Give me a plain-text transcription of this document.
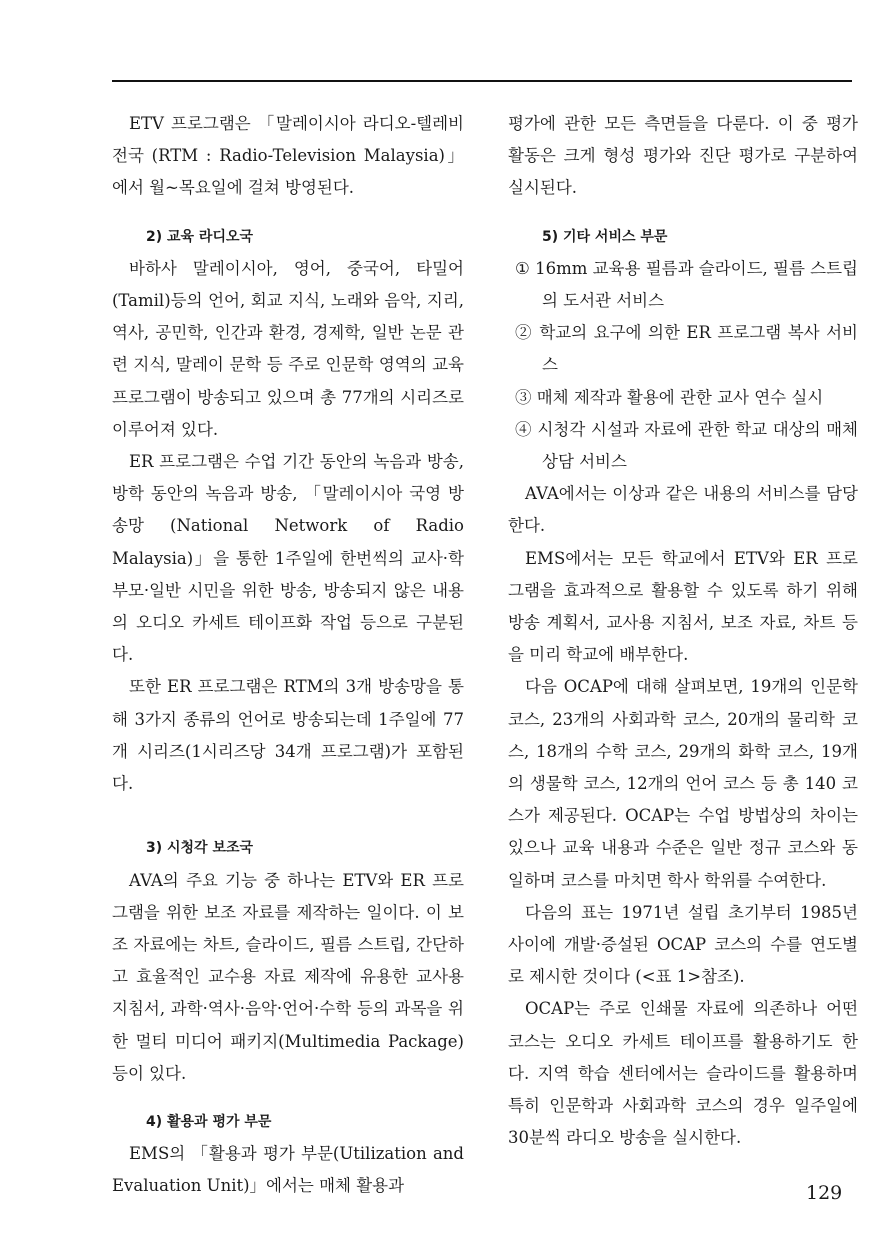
ETV 프로그램은 「말레이시아 라디오-텔레비전국 (RTM : Radio-Television Malaysia)」 에서 월~목요일에 걸쳐 방영된다.

2) 교육 라디오국

바하사 말레이시아, 영어, 중국어, 타밀어 (Tamil)등의 언어, 회교 지식, 노래와 음악, 지리, 역사, 공민학, 인간과 환경, 경제학, 일반 논문 관련 지식, 말레이 문학 등 주로 인문학 영역의 교육 프로그램이 방송되고 있으며 총 77개의 시리즈로 이루어져 있다.

ER 프로그램은 수업 기간 동안의 녹음과 방송, 방학 동안의 녹음과 방송, 「말레이시아 국영 방송망 (National Network of Radio Malaysia)」을 통한 1주일에 한번씩의 교사·학부모·일반 시민을 위한 방송, 방송되지 않은 내용의 오디오 카세트 테이프화 작업 등으로 구분된다.

또한 ER 프로그램은 RTM의 3개 방송망을 통해 3가지 종류의 언어로 방송되는데 1주일에 77개 시리즈(1시리즈당 34개 프로그램)가 포함된다.

3) 시청각 보조국

AVA의 주요 기능 중 하나는 ETV와 ER 프로그램을 위한 보조 자료를 제작하는 일이다. 이 보조 자료에는 차트, 슬라이드, 필름 스트립, 간단하고 효율적인 교수용 자료 제작에 유용한 교사용 지침서, 과학·역사·음악·언어·수학 등의 과목을 위한 멀티 미디어 패키지(Multimedia Package)등이 있다.

4) 활용과 평가 부문

EMS의 「활용과 평가 부문(Utilization and Evaluation Unit)」에서는 매체 활용과

평가에 관한 모든 측면들을 다룬다. 이 중 평가 활동은 크게 형성 평가와 진단 평가로 구분하여 실시된다.

5) 기타 서비스 부문

① 16mm 교육용 필름과 슬라이드, 필름 스트립의 도서관 서비스

② 학교의 요구에 의한 ER 프로그램 복사 서비스

③ 매체 제작과 활용에 관한 교사 연수 실시

④ 시청각 시설과 자료에 관한 학교 대상의 매체 상담 서비스

AVA에서는 이상과 같은 내용의 서비스를 담당한다.

EMS에서는 모든 학교에서 ETV와 ER 프로그램을 효과적으로 활용할 수 있도록 하기 위해 방송 계획서, 교사용 지침서, 보조 자료, 차트 등을 미리 학교에 배부한다.

다음 OCAP에 대해 살펴보면, 19개의 인문학 코스, 23개의 사회과학 코스, 20개의 물리학 코스, 18개의 수학 코스, 29개의 화학 코스, 19개의 생물학 코스, 12개의 언어 코스 등 총 140 코스가 제공된다. OCAP는 수업 방법상의 차이는 있으나 교육 내용과 수준은 일반 정규 코스와 동일하며 코스를 마치면 학사 학위를 수여한다.

다음의 표는 1971년 설립 초기부터 1985년 사이에 개발·증설된 OCAP 코스의 수를 연도별로 제시한 것이다 (<표 1>참조).

OCAP는 주로 인쇄물 자료에 의존하나 어떤 코스는 오디오 카세트 테이프를 활용하기도 한다. 지역 학습 센터에서는 슬라이드를 활용하며 특히 인문학과 사회과학 코스의 경우 일주일에 30분씩 라디오 방송을 실시한다.

129
